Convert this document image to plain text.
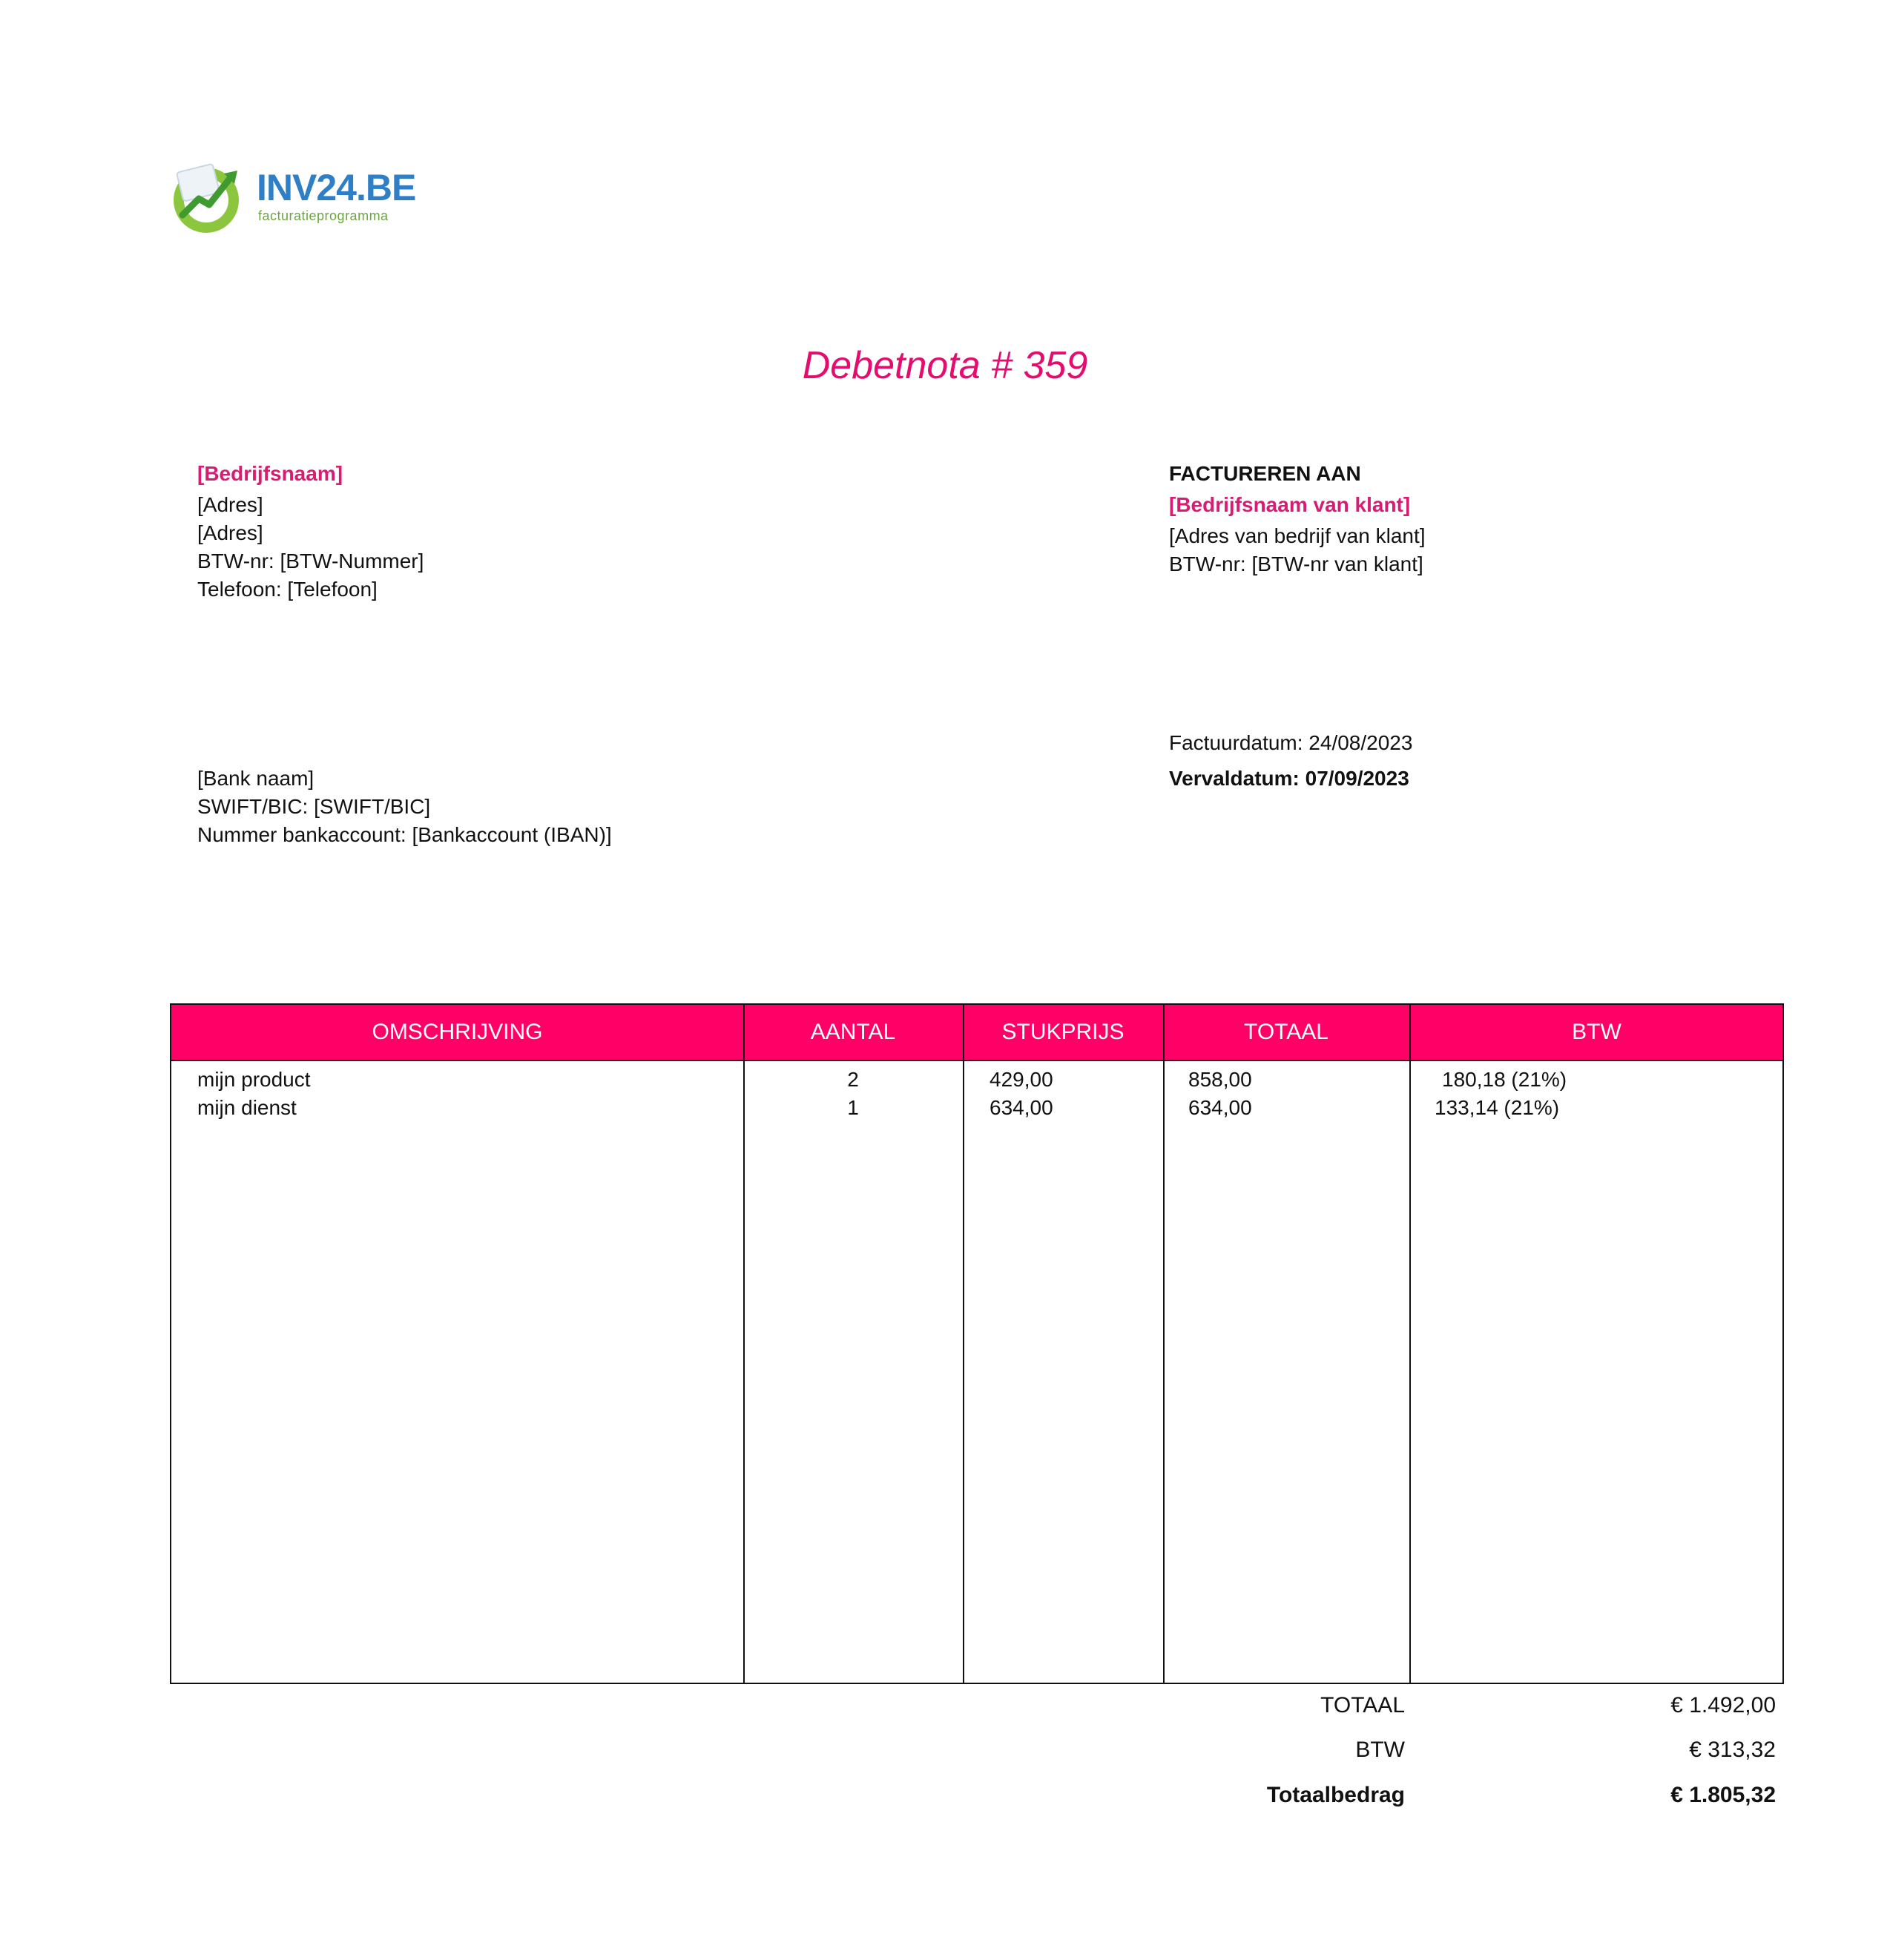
INV24.BE
facturatieprogramma
Debetnota # 359
[Bedrijfsnaam]
[Adres]
[Adres]
BTW-nr: [BTW-Nummer]
Telefoon: [Telefoon]
FACTUREREN AAN
[Bedrijfsnaam van klant]
[Adres van bedrijf van klant]
BTW-nr: [BTW-nr van klant]
[Bank naam]
SWIFT/BIC: [SWIFT/BIC]
Nummer bankaccount: [Bankaccount (IBAN)]
Factuurdatum: 24/08/2023
Vervaldatum: 07/09/2023
OMSCHRIJVING	AANTAL	STUKPRIJS	TOTAAL	BTW
mijn product	2	429,00	858,00	180,18 (21%)
mijn dienst	1	634,00	634,00	133,14 (21%)
TOTAAL	€ 1.492,00
BTW	€ 313,32
Totaalbedrag	€ 1.805,32
